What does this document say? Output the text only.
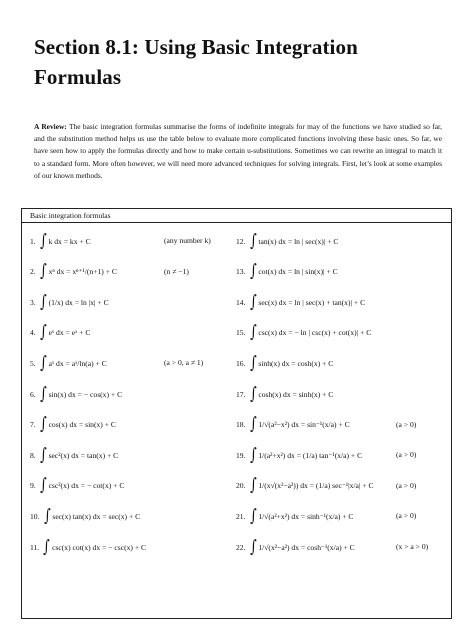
Section 8.1: Using Basic Integration
Formulas
A Review: The basic integration formulas summarise the forms of indefinite integrals for may of the functions we have studied so far, and the substitution method helps us use the table below to evaluate more complicated functions involving these basic ones. So far, we have seen how to apply the formulas directly and how to make certain u-substitutions. Sometimes we can rewrite an integral to match it to a standard form. More often however, we will need more advanced techniques for solving integrals. First, let’s look at some examples of our known methods.
Basic integration formulas
1. ∫ k dx = kx + C	(any number k)
2. ∫ xⁿ dx = xⁿ⁺¹/(n+1) + C	(n ≠ −1)
3. ∫ (1/x) dx = ln |x| + C
4. ∫ eˣ dx = eˣ + C
5. ∫ aˣ dx = aˣ/ln(a) + C	(a > 0, a ≠ 1)
6. ∫ sin(x) dx = − cos(x) + C
7. ∫ cos(x) dx = sin(x) + C
8. ∫ sec²(x) dx = tan(x) + C
9. ∫ csc²(x) dx = − cot(x) + C
10. ∫ sec(x) tan(x) dx = sec(x) + C
11. ∫ csc(x) cot(x) dx = − csc(x) + C
12. ∫ tan(x) dx = ln | sec(x)| + C
13. ∫ cot(x) dx = ln | sin(x)| + C
14. ∫ sec(x) dx = ln | sec(x) + tan(x)| + C
15. ∫ csc(x) dx = − ln | csc(x) + cot(x)| + C
16. ∫ sinh(x) dx = cosh(x) + C
17. ∫ cosh(x) dx = sinh(x) + C
18. ∫ 1/√(a²−x²) dx = sin⁻¹(x/a) + C	(a > 0)
19. ∫ 1/(a²+x²) dx = (1/a) tan⁻¹(x/a) + C	(a > 0)
20. ∫ 1/(x√(x²−a²)) dx = (1/a) sec⁻¹|x/a| + C	(a > 0)
21. ∫ 1/√(a²+x²) dx = sinh⁻¹(x/a) + C	(a > 0)
22. ∫ 1/√(x²−a²) dx = cosh⁻¹(x/a) + C	(x > a > 0)
